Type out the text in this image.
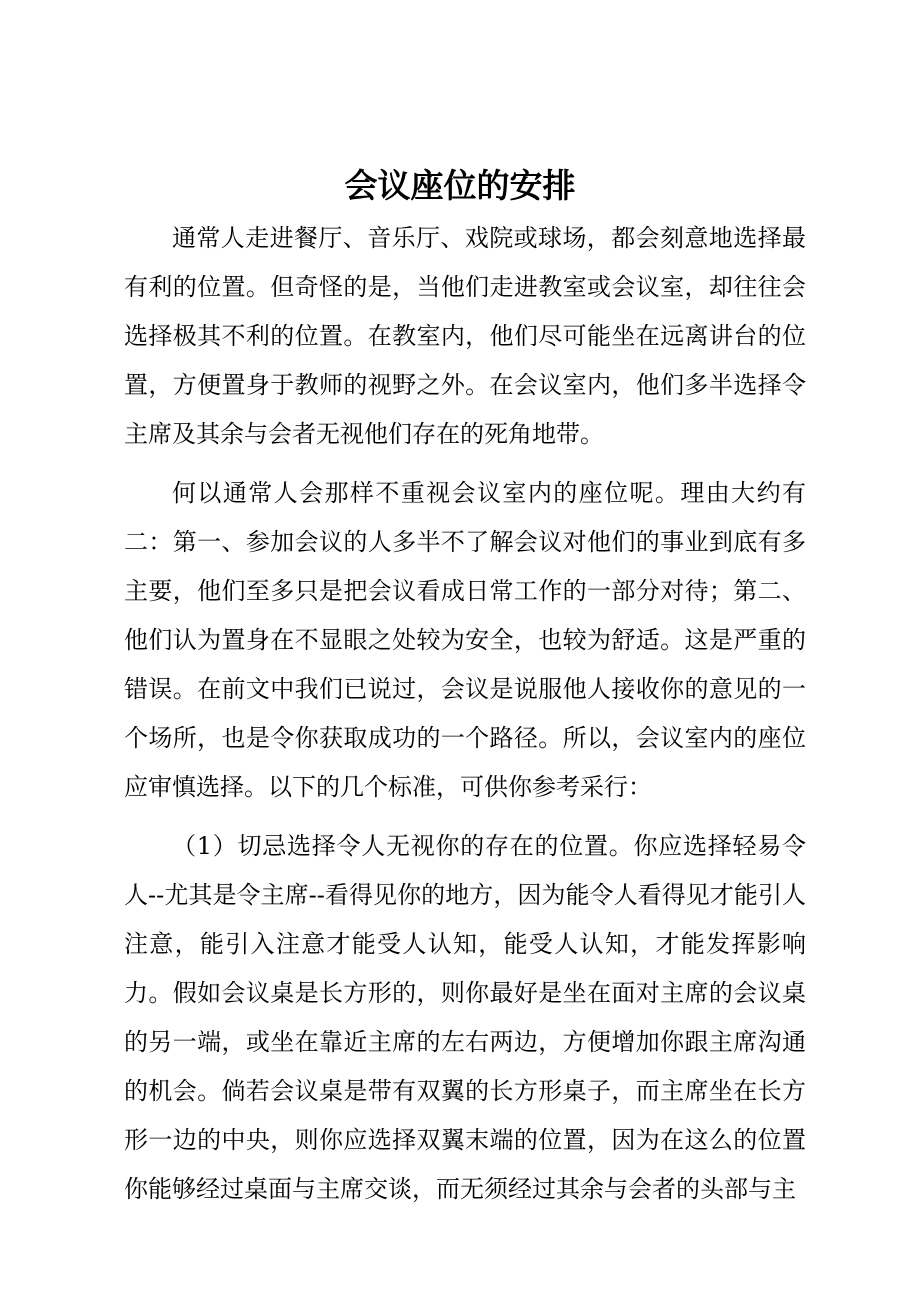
会议座位的安排

通常人走进餐厅、音乐厅、戏院或球场，都会刻意地选择最有利的位置。但奇怪的是，当他们走进教室或会议室，却往往会选择极其不利的位置。在教室内，他们尽可能坐在远离讲台的位置，方便置身于教师的视野之外。在会议室内，他们多半选择令主席及其余与会者无视他们存在的死角地带。

何以通常人会那样不重视会议室内的座位呢。理由大约有二：第一、参加会议的人多半不了解会议对他们的事业到底有多主要，他们至多只是把会议看成日常工作的一部分对待；第二、他们认为置身在不显眼之处较为安全，也较为舒适。这是严重的错误。在前文中我们已说过，会议是说服他人接收你的意见的一个场所，也是令你获取成功的一个路径。所以，会议室内的座位应审慎选择。以下的几个标准，可供你参考采行：

（1）切忌选择令人无视你的存在的位置。你应选择轻易令人--尤其是令主席--看得见你的地方，因为能令人看得见才能引人注意，能引入注意才能受人认知，能受人认知，才能发挥影响力。假如会议桌是长方形的，则你最好是坐在面对主席的会议桌的另一端，或坐在靠近主席的左右两边，方便增加你跟主席沟通的机会。倘若会议桌是带有双翼的长方形桌子，而主席坐在长方形一边的中央，则你应选择双翼末端的位置，因为在这么的位置你能够经过桌面与主席交谈，而无须经过其余与会者的头部与主
